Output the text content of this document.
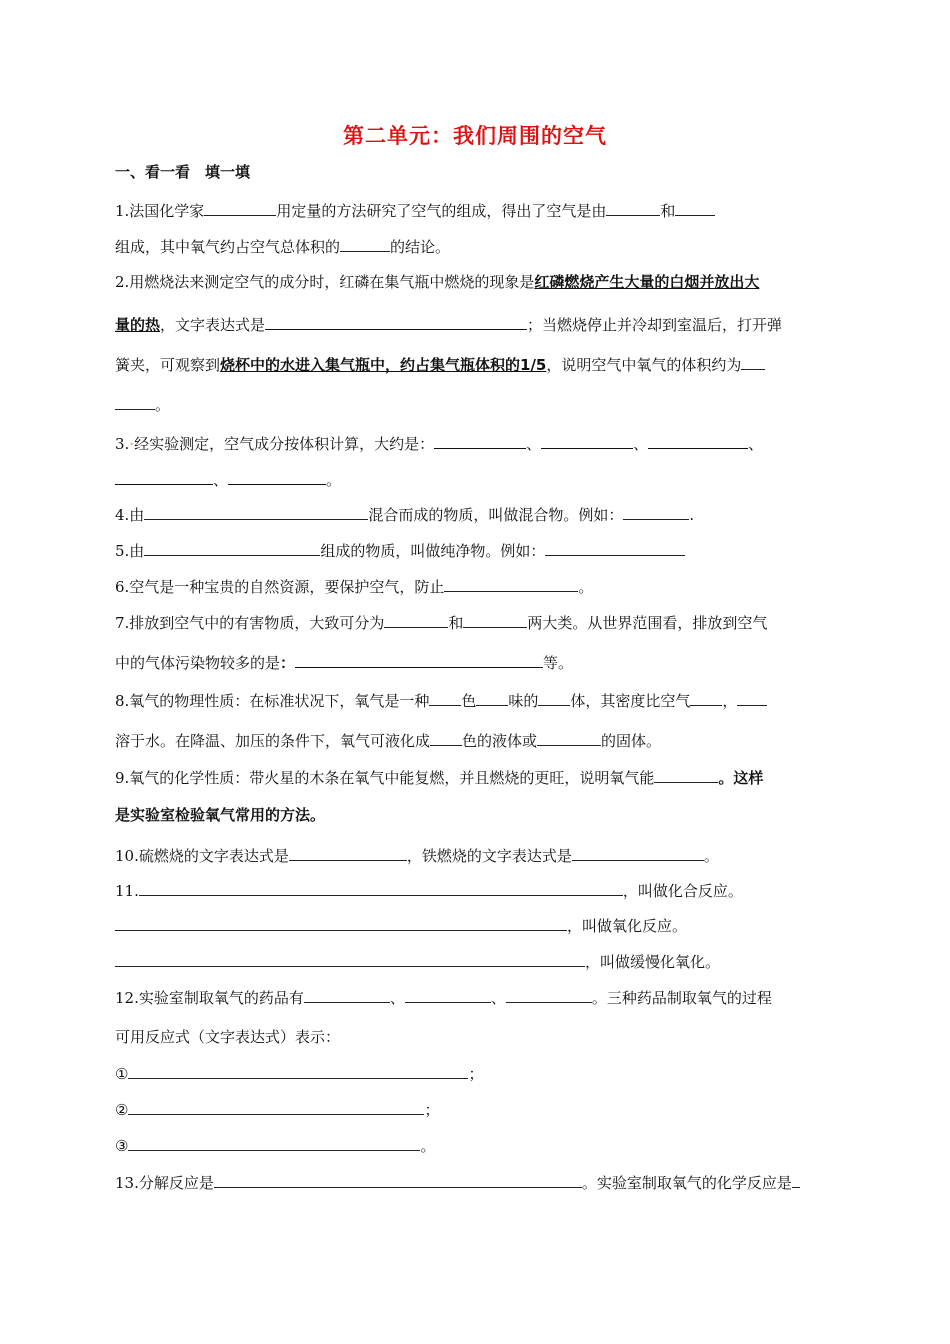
第二单元：我们周围的空气
一、看一看　填一填
1.法国化学家	用定量的方法研究了空气的组成，得出了空气是由	和
组成，其中氧气约占空气总体积的	的结论。
2.用燃烧法来测定空气的成分时，红磷在集气瓶中燃烧的现象是红磷燃烧产生大量的白烟并放出大
量的热，文字表达式是	；当燃烧停止并冷却到室温后，打开弹
簧夹，可观察到烧杯中的水进入集气瓶中，约占集气瓶体积的1/5，说明空气中氧气的体积约为
。
3.·经实验测定，空气成分按体积计算，大约是：	、	、	、
、	。
4.由	混合而成的物质，叫做混合物。例如：	.
5.由	组成的物质，叫做纯净物。例如：
6.空气是一种宝贵的自然资源，要保护空气，防止	。
7.排放到空气中的有害物质，大致可分为	和	两大类。从世界范围看，排放到空气
中的气体污染物较多的是：	等。
8.氧气的物理性质：在标准状况下，氧气是一种 色 味的 体，其密度比空气 ，
溶于水。在降温、加压的条件下，氧气可液化成 色的液体或	的固体。
9.氧气的化学性质：带火星的木条在氧气中能复燃，并且燃烧的更旺，说明氧气能	。这样
是实验室检验氧气常用的方法。
10.硫燃烧的文字表达式是	，铁燃烧的文字表达式是	。
11.	，叫做化合反应。
，叫做氧化反应。
，叫做缓慢化氧化。
12.实验室制取氧气的药品有	、	、	。三种药品制取氧气的过程
可用反应式（文字表达式）表示：
①	；
②	；
③	。
13.分解反应是	。实验室制取氧气的化学反应是
